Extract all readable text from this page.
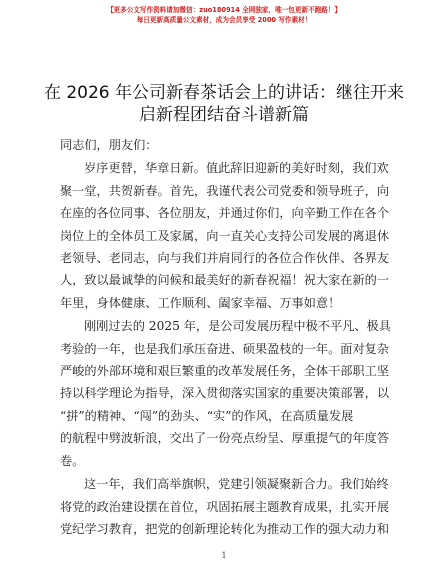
【更多公文写作资料请加微信：zuo180914 全网独家，唯一包更新不跑路！】
每日更新高质量公文素材，成为会员享受 2000 写作素材！
在 2026 年公司新春茶话会上的讲话：继往开来
启新程团结奋斗谱新篇

同志们，朋友们：

岁序更替，华章日新。值此辞旧迎新的美好时刻，我们欢
聚一堂，共贺新春。首先，我谨代表公司党委和领导班子，向
在座的各位同事、各位朋友，并通过你们，向辛勤工作在各个
岗位上的全体员工及家属，向一直关心支持公司发展的离退休
老领导、老同志，向与我们并肩同行的各位合作伙伴、各界友
人，致以最诚挚的问候和最美好的新春祝福！祝大家在新的一
年里，身体健康、工作顺利、阖家幸福、万事如意！

刚刚过去的 2025 年，是公司发展历程中极不平凡、极具
考验的一年，也是我们承压奋进、硕果盈枝的一年。面对复杂
严峻的外部环境和艰巨繁重的改革发展任务，全体干部职工坚
持以科学理论为指导，深入贯彻落实国家的重要决策部署，以
“拼”的精神、“闯”的劲头、“实”的作风，在高质量发展
的航程中劈波斩浪，交出了一份亮点纷呈、厚重提气的年度答
卷。

这一年，我们高举旗帜，党建引领凝聚新合力。我们始终
将党的政治建设摆在首位，巩固拓展主题教育成果，扎实开展
党纪学习教育，把党的创新理论转化为推动工作的强大动力和

1
